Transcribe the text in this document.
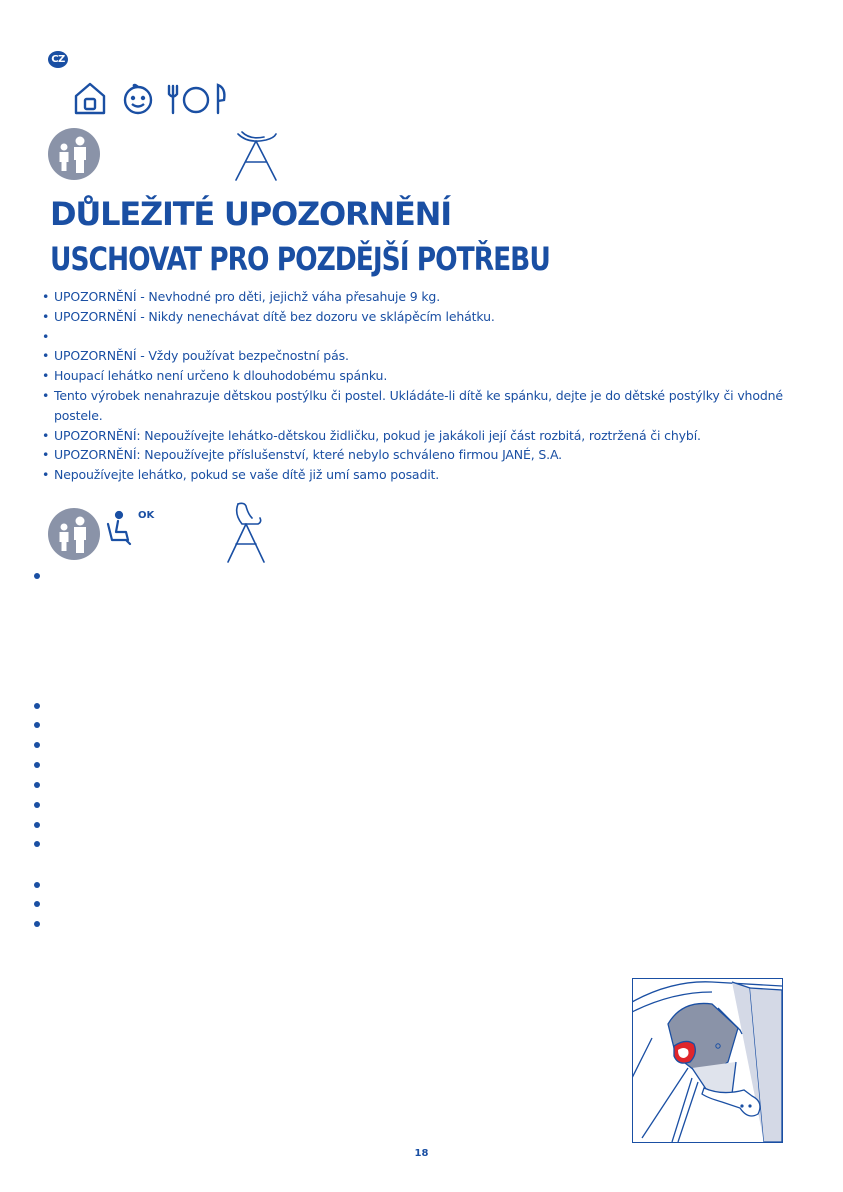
CZ
DŮLEŽITÉ UPOZORNĚNÍ
USCHOVAT PRO POZDĚJŠÍ POTŘEBU
• UPOZORNĚNÍ - Nevhodné pro děti, jejichž váha přesahuje 9 kg.
• UPOZORNĚNÍ - Nikdy nenechávat dítě bez dozoru ve sklápěcím lehátku.
•
• UPOZORNĚNÍ - Vždy používat bezpečnostní pás.
• Houpací lehátko není určeno k dlouhodobému spánku.
• Tento výrobek nenahrazuje dětskou postýlku či postel. Ukládáte-li dítě ke spánku, dejte je do dětské postýlky či vhodné postele.
• UPOZORNĚNÍ: Nepoužívejte lehátko-dětskou židličku, pokud je jakákoli její část rozbitá, roztržená či chybí.
• UPOZORNĚNÍ: Nepoužívejte příslušenství, které nebylo schváleno firmou JANÉ, S.A.
• Nepoužívejte lehátko, pokud se vaše dítě již umí samo posadit.
OK
18
